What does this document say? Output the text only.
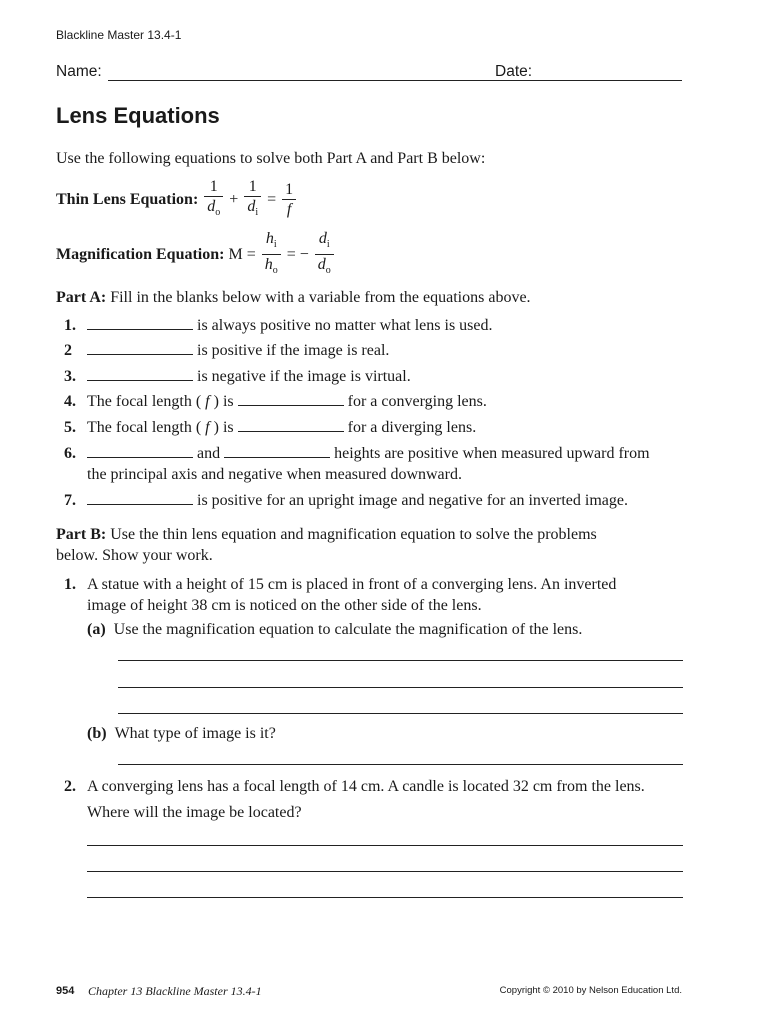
Blackline Master 13.4-1
Name:	Date:
Lens Equations
Use the following equations to solve both Part A and Part B below:
Thin Lens Equation: $\frac{1}{d_o} + \frac{1}{d_i} = \frac{1}{f}$
Magnification Equation: $M = \frac{h_i}{h_o}$ = − $\frac{d_i}{d_o}$
Part A: Fill in the blanks below with a variable from the equations above.
1.	is always positive no matter what lens is used.
2	is positive if the image is real.
3.	is negative if the image is virtual.
4. The focal length ( f ) is	for a converging lens.
5. The focal length ( f ) is	for a diverging lens.
6.	and	heights are positive when measured upward from
the principal axis and negative when measured downward.
7.	is positive for an upright image and negative for an inverted image.
Part B: Use the thin lens equation and magnification equation to solve the problems
below. Show your work.
1. A statue with a height of 15 cm is placed in front of a converging lens. An inverted
image of height 38 cm is noticed on the other side of the lens.
(a) Use the magnification equation to calculate the magnification of the lens.
(b) What type of image is it?
2. A converging lens has a focal length of 14 cm. A candle is located 32 cm from the lens.
Where will the image be located?
954 Chapter 13 Blackline Master 13.4-1	Copyright © 2010 by Nelson Education Ltd.
